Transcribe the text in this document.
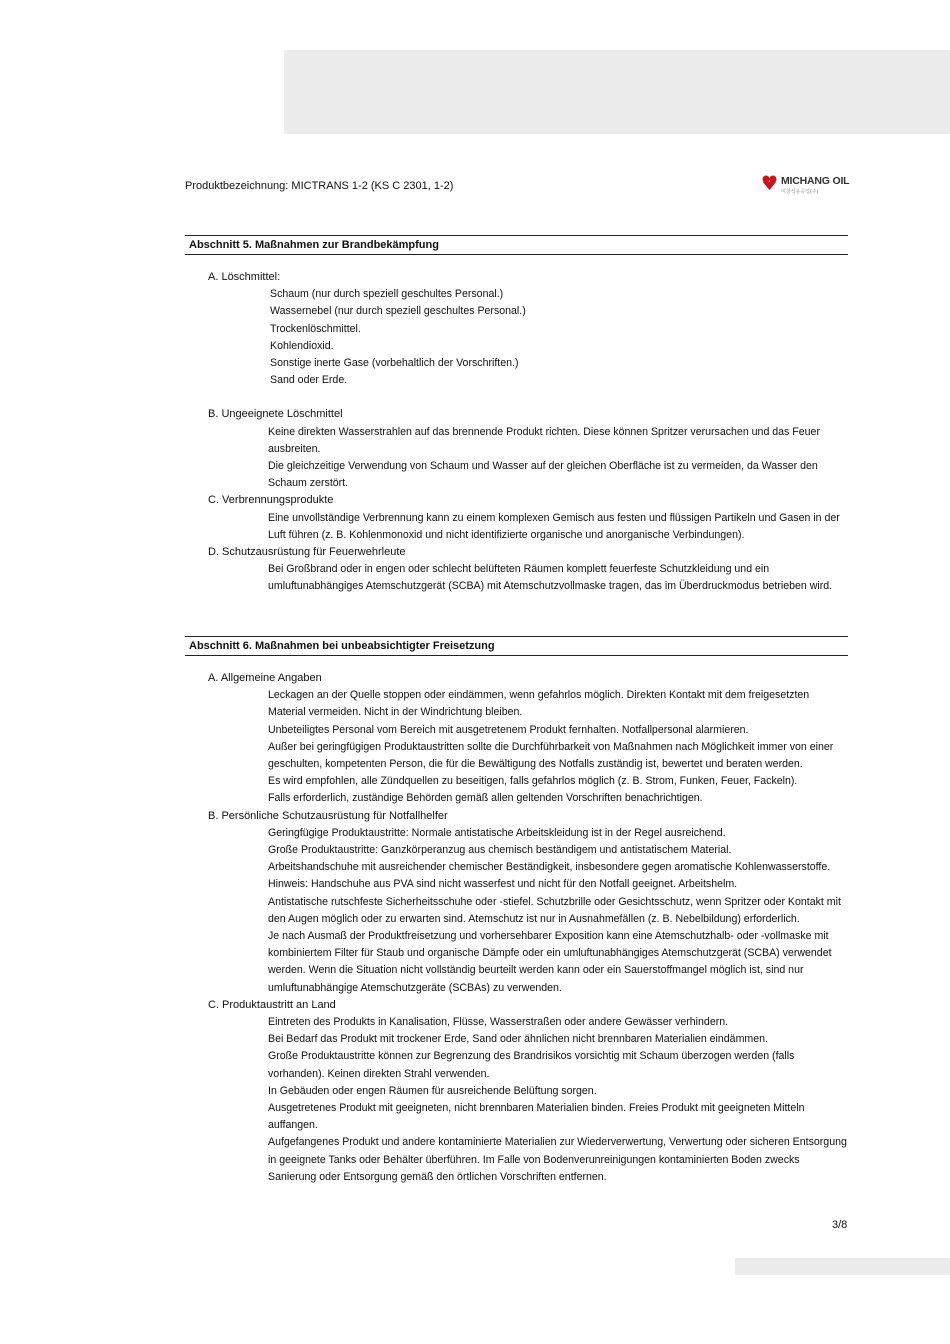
Produktbezeichnung: MICTRANS 1-2 (KS C 2301, 1-2)	MICHANG OIL
미창석유공업(주)
Abschnitt 5. Maßnahmen zur Brandbekämpfung
A. Löschmittel:

Schaum (nur durch speziell geschultes Personal.)

Wassernebel (nur durch speziell geschultes Personal.)

Trockenlöschmittel.

Kohlendioxid.

Sonstige inerte Gase (vorbehaltlich der Vorschriften.)

Sand oder Erde.

B. Ungeeignete Löschmittel

Keine direkten Wasserstrahlen auf das brennende Produkt richten. Diese können Spritzer verursachen und das Feuer ausbreiten.

Die gleichzeitige Verwendung von Schaum und Wasser auf der gleichen Oberfläche ist zu vermeiden, da Wasser den Schaum zerstört.

C. Verbrennungsprodukte

Eine unvollständige Verbrennung kann zu einem komplexen Gemisch aus festen und flüssigen Partikeln und Gasen in der Luft führen (z. B. Kohlenmonoxid und nicht identifizierte organische und anorganische Verbindungen).

D. Schutzausrüstung für Feuerwehrleute

Bei Großbrand oder in engen oder schlecht belüfteten Räumen komplett feuerfeste Schutzkleidung und ein umluftunabhängiges Atemschutzgerät (SCBA) mit Atemschutzvollmaske tragen, das im Überdruckmodus betrieben wird.

Abschnitt 6. Maßnahmen bei unbeabsichtigter Freisetzung
A. Allgemeine Angaben

Leckagen an der Quelle stoppen oder eindämmen, wenn gefahrlos möglich. Direkten Kontakt mit dem freigesetzten Material vermeiden. Nicht in der Windrichtung bleiben.

Unbeteiligtes Personal vom Bereich mit ausgetretenem Produkt fernhalten. Notfallpersonal alarmieren.

Außer bei geringfügigen Produktaustritten sollte die Durchführbarkeit von Maßnahmen nach Möglichkeit immer von einer geschulten, kompetenten Person, die für die Bewältigung des Notfalls zuständig ist, bewertet und beraten werden.

Es wird empfohlen, alle Zündquellen zu beseitigen, falls gefahrlos möglich (z. B. Strom, Funken, Feuer, Fackeln).

Falls erforderlich, zuständige Behörden gemäß allen geltenden Vorschriften benachrichtigen.

B. Persönliche Schutzausrüstung für Notfallhelfer

Geringfügige Produktaustritte: Normale antistatische Arbeitskleidung ist in der Regel ausreichend.

Große Produktaustritte: Ganzkörperanzug aus chemisch beständigem und antistatischem Material.

Arbeitshandschuhe mit ausreichender chemischer Beständigkeit, insbesondere gegen aromatische Kohlenwasserstoffe.

Hinweis: Handschuhe aus PVA sind nicht wasserfest und nicht für den Notfall geeignet. Arbeitshelm.

Antistatische rutschfeste Sicherheitsschuhe oder -stiefel. Schutzbrille oder Gesichtsschutz, wenn Spritzer oder Kontakt mit den Augen möglich oder zu erwarten sind. Atemschutz ist nur in Ausnahmefällen (z. B. Nebelbildung) erforderlich.

Je nach Ausmaß der Produktfreisetzung und vorhersehbarer Exposition kann eine Atemschutzhalb- oder -vollmaske mit kombiniertem Filter für Staub und organische Dämpfe oder ein umluftunabhängiges Atemschutzgerät (SCBA) verwendet werden. Wenn die Situation nicht vollständig beurteilt werden kann oder ein Sauerstoffmangel möglich ist, sind nur umluftunabhängige Atemschutzgeräte (SCBAs) zu verwenden.

C. Produktaustritt an Land

Eintreten des Produkts in Kanalisation, Flüsse, Wasserstraßen oder andere Gewässer verhindern.

Bei Bedarf das Produkt mit trockener Erde, Sand oder ähnlichen nicht brennbaren Materialien eindämmen.

Große Produktaustritte können zur Begrenzung des Brandrisikos vorsichtig mit Schaum überzogen werden (falls vorhanden). Keinen direkten Strahl verwenden.

In Gebäuden oder engen Räumen für ausreichende Belüftung sorgen.

Ausgetretenes Produkt mit geeigneten, nicht brennbaren Materialien binden. Freies Produkt mit geeigneten Mitteln auffangen.

Aufgefangenes Produkt und andere kontaminierte Materialien zur Wiederverwertung, Verwertung oder sicheren Entsorgung in geeignete Tanks oder Behälter überführen. Im Falle von Bodenverunreinigungen kontaminierten Boden zwecks Sanierung oder Entsorgung gemäß den örtlichen Vorschriften entfernen.

3/8
